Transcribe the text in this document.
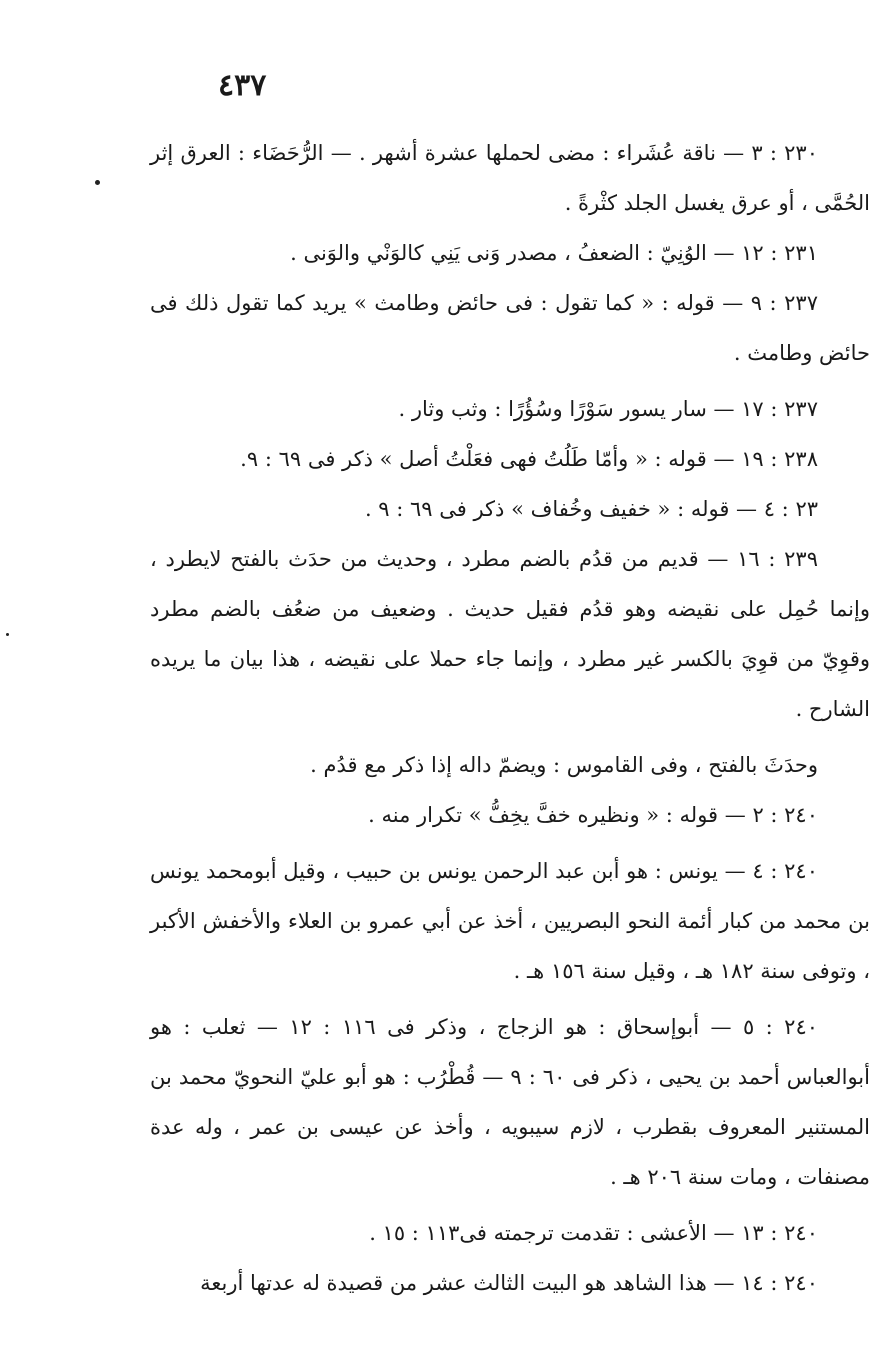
٤٣٧

٢٣٠ : ٣ — ناقة عُشَراء : مضى لحملها عشرة أشهر . — الرُّحَضَاء : العرق إثر الحُمَّى ، أو عرق يغسل الجلد كثْرةً .

٢٣١ : ١٢ — الوُنِيّ : الضعفُ ، مصدر وَنى يَنِي كالوَنْي والوَنى .

٢٣٧ : ٩ — قوله : « كما تقول : فى حائض وطامث » يريد كما تقول ذلك فى حائض وطامث .

٢٣٧ : ١٧ — سار يسور سَوْرًا وسُؤُرًا : وثب وثار .

٢٣٨ : ١٩ — قوله : « وأمّا طَلُتُ فهى فعَلْتُ أصل » ذكر فى ٦٩ : ٩.

٢٣ : ٤ — قوله : « خفيف وخُفاف » ذكر فى ٦٩ : ٩ .

٢٣٩ : ١٦ — قديم من قدُم بالضم مطرد ، وحديث من حدَث بالفتح لايطرد ، وإنما حُمِل على نقيضه وهو قدُم فقيل حديث . وضعيف من ضعُف بالضم مطرد وقوِيّ من قوِيَ بالكسر غير مطرد ، وإنما جاء حملا على نقيضه ، هذا بيان ما يريده الشارح .

وحدَثَ بالفتح ، وفى القاموس : ويضمّ داله إذا ذكر مع قدُم .

٢٤٠ : ٢ — قوله : « ونظيره خفَّ يخِفُّ » تكرار منه .

٢٤٠ : ٤ — يونس : هو أبن عبد الرحمن يونس بن حبيب ، وقيل أبومحمد يونس بن محمد من كبار أئمة النحو البصريين ، أخذ عن أبي عمرو بن العلاء والأخفش الأكبر ، وتوفى سنة ١٨٢ هـ ، وقيل سنة ١٥٦ هـ .

٢٤٠ : ٥ — أبوإسحاق : هو الزجاج ، وذكر فى ١١٦ : ١٢ — ثعلب : هو أبوالعباس أحمد بن يحيى ، ذكر فى ٦٠ : ٩ — قُطْرُب : هو أبو عليّ النحويّ محمد بن المستنير المعروف بقطرب ، لازم سيبويه ، وأخذ عن عيسى بن عمر ، وله عدة مصنفات ، ومات سنة ٢٠٦ هـ .

٢٤٠ : ١٣ — الأعشى : تقدمت ترجمته فى١١٣ : ١٥ .

٢٤٠ : ١٤ — هذا الشاهد هو البيت الثالث عشر من قصيدة له عدتها أربعة
